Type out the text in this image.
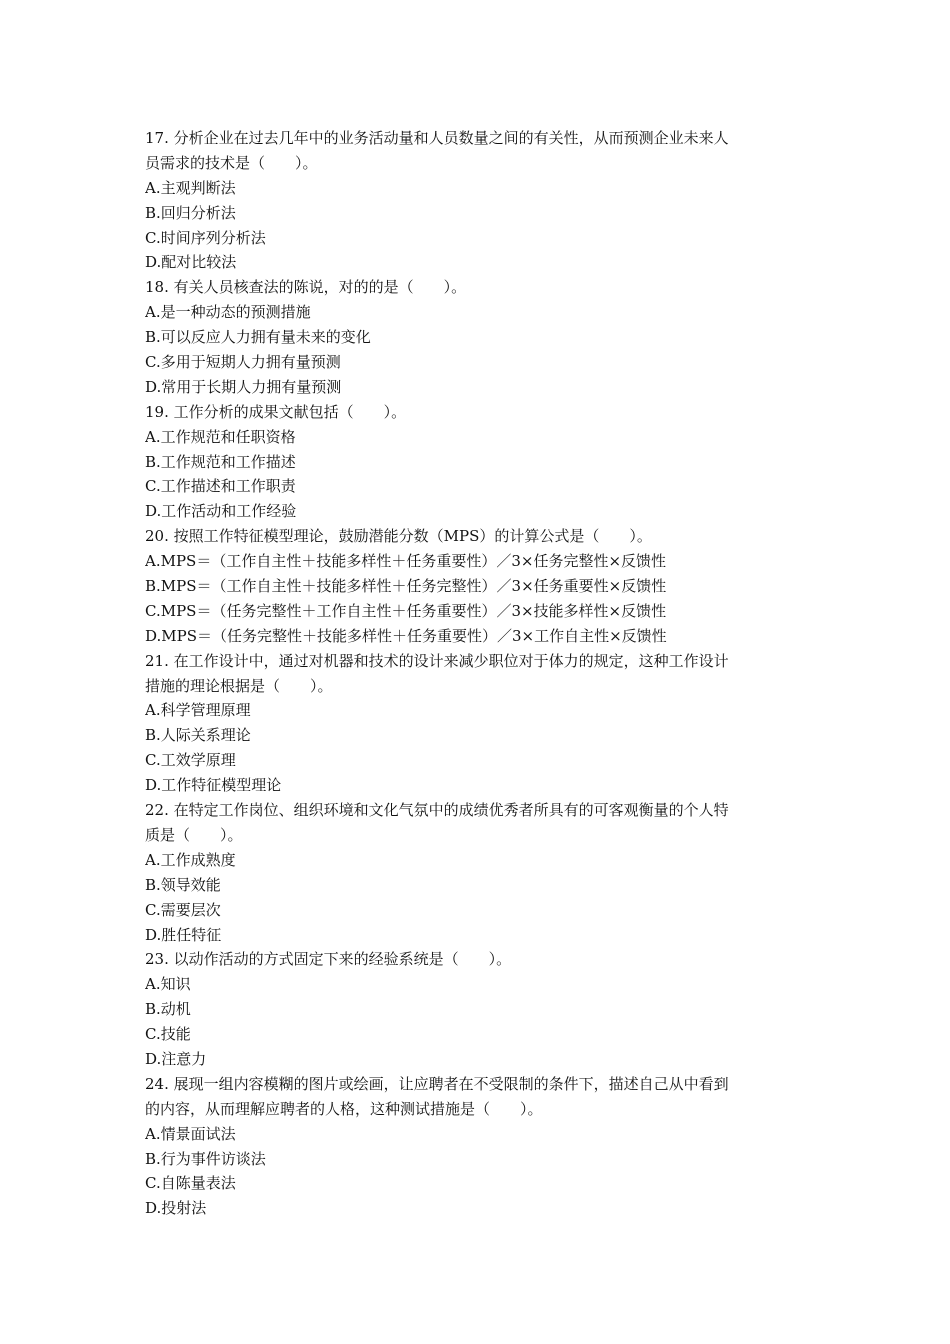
17. 分析企业在过去几年中的业务活动量和人员数量之间的有关性，从而预测企业未来人
员需求的技术是（　　）。
A.主观判断法
B.回归分析法
C.时间序列分析法
D.配对比较法
18. 有关人员核查法的陈说，对的的是（　　）。
A.是一种动态的预测措施
B.可以反应人力拥有量未来的变化
C.多用于短期人力拥有量预测
D.常用于长期人力拥有量预测
19. 工作分析的成果文献包括（　　）。
A.工作规范和任职资格
B.工作规范和工作描述
C.工作描述和工作职责
D.工作活动和工作经验
20. 按照工作特征模型理论，鼓励潜能分数（MPS）的计算公式是（　　）。
A.MPS＝（工作自主性＋技能多样性＋任务重要性）／3×任务完整性×反馈性
B.MPS＝（工作自主性＋技能多样性＋任务完整性）／3×任务重要性×反馈性
C.MPS＝（任务完整性＋工作自主性＋任务重要性）／3×技能多样性×反馈性
D.MPS＝（任务完整性＋技能多样性＋任务重要性）／3×工作自主性×反馈性
21. 在工作设计中，通过对机器和技术的设计来减少职位对于体力的规定，这种工作设计
措施的理论根据是（　　）。
A.科学管理原理
B.人际关系理论
C.工效学原理
D.工作特征模型理论
22. 在特定工作岗位、组织环境和文化气氛中的成绩优秀者所具有的可客观衡量的个人特
质是（　　）。
A.工作成熟度
B.领导效能
C.需要层次
D.胜任特征
23. 以动作活动的方式固定下来的经验系统是（　　）。
A.知识
B.动机
C.技能
D.注意力
24. 展现一组内容模糊的图片或绘画，让应聘者在不受限制的条件下，描述自己从中看到
的内容，从而理解应聘者的人格，这种测试措施是（　　）。
A.情景面试法
B.行为事件访谈法
C.自陈量表法
D.投射法
